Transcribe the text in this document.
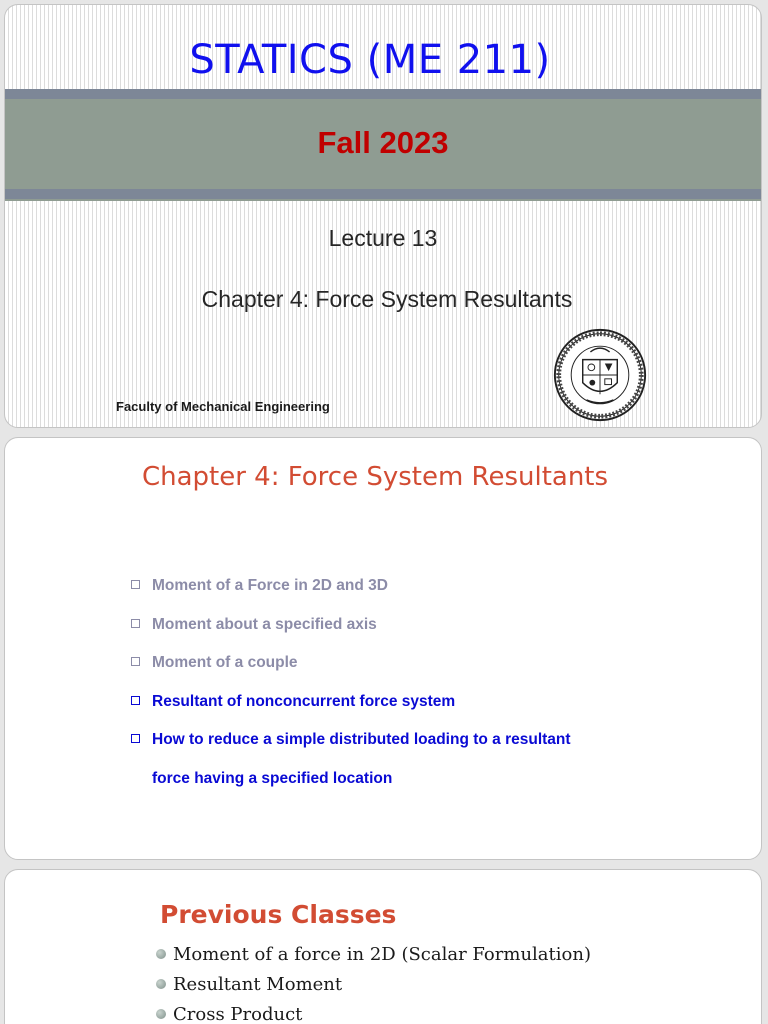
STATICS (ME 211)
Fall 2023
Lecture 13
Chapter 4: Force System Resultants
Faculty of Mechanical Engineering
Chapter 4: Force System Resultants
Moment of a Force in 2D and 3D
Moment about a specified axis
Moment of a couple
Resultant of nonconcurrent force system
How to reduce a simple distributed loading to a resultant
force having a specified location
Previous Classes
Moment of a force in 2D (Scalar Formulation)
Resultant Moment
Cross Product
